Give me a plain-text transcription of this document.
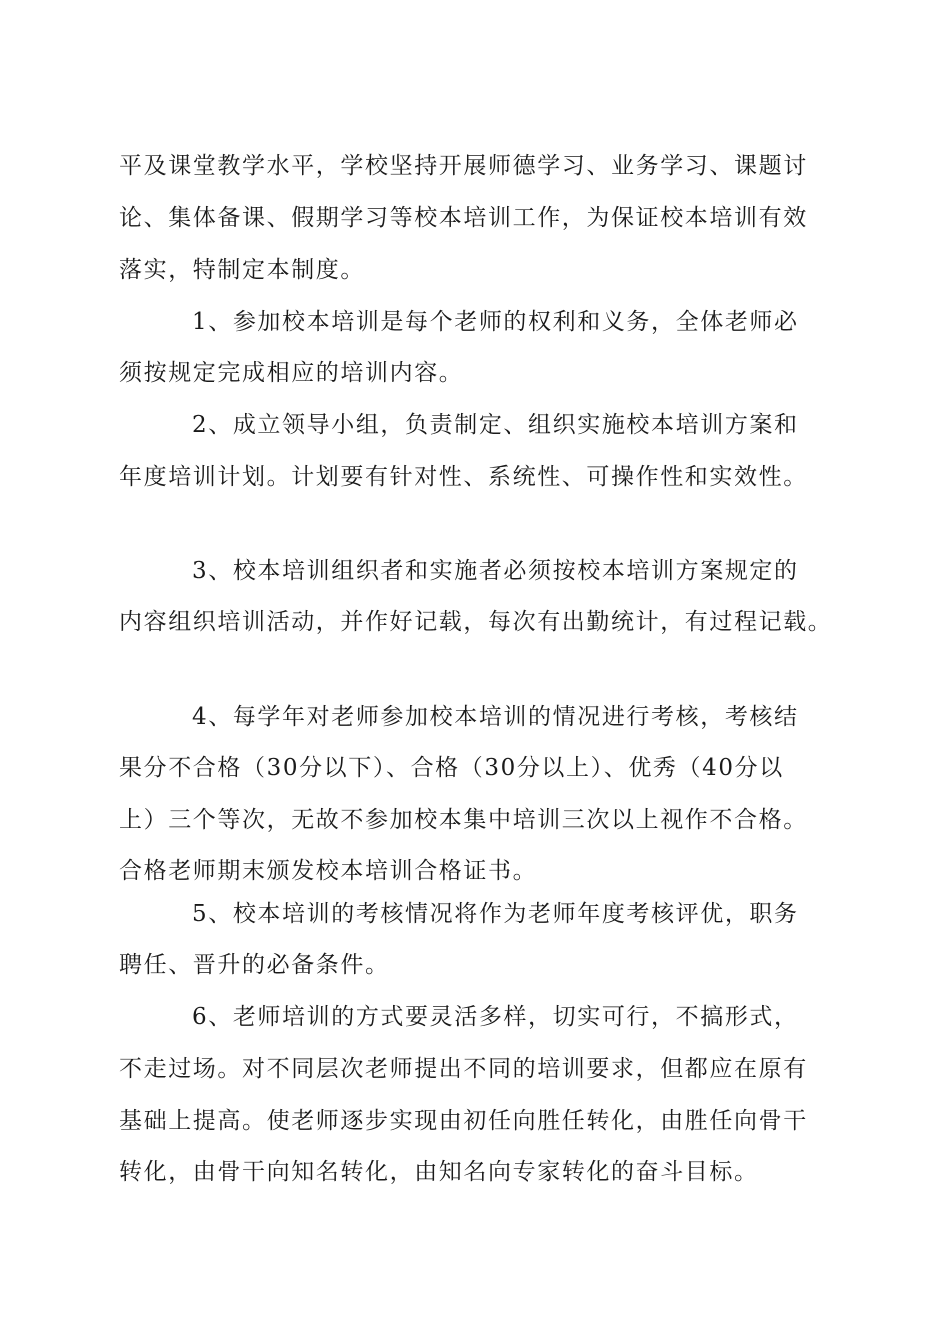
平及课堂教学水平，学校坚持开展师德学习、业务学习、课题讨
论、集体备课、假期学习等校本培训工作，为保证校本培训有效
落实，特制定本制度。
1、参加校本培训是每个老师的权利和义务，全体老师必
须按规定完成相应的培训内容。
2、成立领导小组，负责制定、组织实施校本培训方案和
年度培训计划。计划要有针对性、系统性、可操作性和实效性。
3、校本培训组织者和实施者必须按校本培训方案规定的
内容组织培训活动，并作好记载，每次有出勤统计，有过程记载。
4、每学年对老师参加校本培训的情况进行考核，考核结
果分不合格（30分以下）、合格（30分以上）、优秀（40分以
上）三个等次，无故不参加校本集中培训三次以上视作不合格。
合格老师期末颁发校本培训合格证书。
5、校本培训的考核情况将作为老师年度考核评优，职务
聘任、晋升的必备条件。
6、老师培训的方式要灵活多样，切实可行，不搞形式，
不走过场。对不同层次老师提出不同的培训要求，但都应在原有
基础上提高。使老师逐步实现由初任向胜任转化，由胜任向骨干
转化，由骨干向知名转化，由知名向专家转化的奋斗目标。
